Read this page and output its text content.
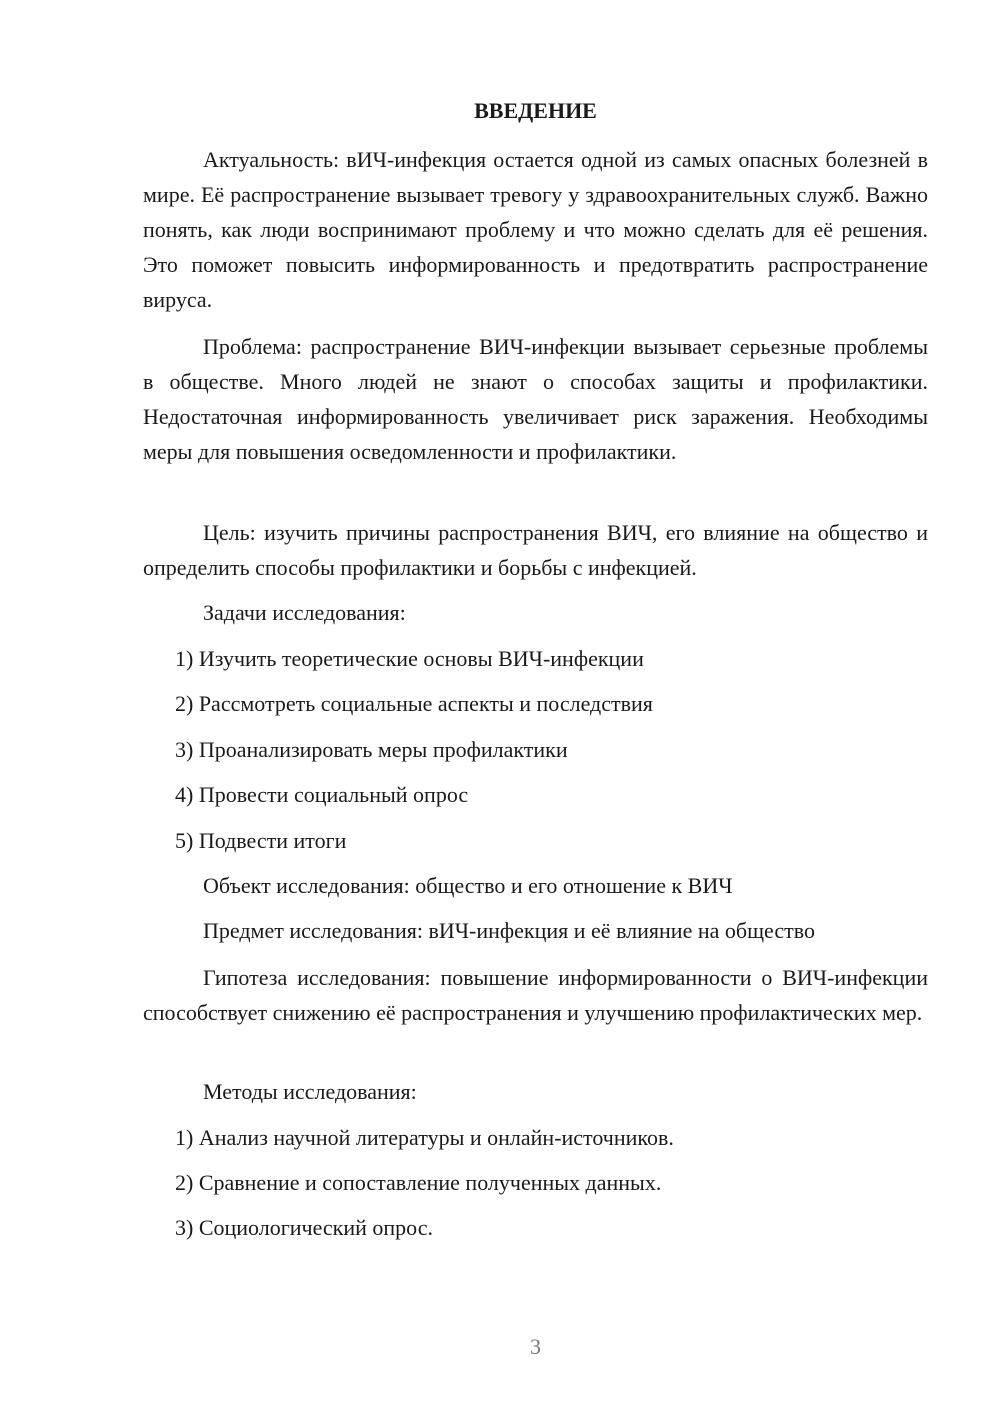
ВВЕДЕНИЕ
Актуальность: вИЧ-инфекция остается одной из самых опасных болезней в мире. Её распространение вызывает тревогу у здравоохранительных служб. Важно понять, как люди воспринимают проблему и что можно сделать для её решения. Это поможет повысить информированность и предотвратить распространение вируса.
Проблема: распространение ВИЧ-инфекции вызывает серьезные проблемы в обществе. Много людей не знают о способах защиты и профилактики. Недостаточная информированность увеличивает риск заражения. Необходимы меры для повышения осведомленности и профилактики.
Цель: изучить причины распространения ВИЧ, его влияние на общество и определить способы профилактики и борьбы с инфекцией.
Задачи исследования:
1) Изучить теоретические основы ВИЧ-инфекции
2) Рассмотреть социальные аспекты и последствия
3) Проанализировать меры профилактики
4) Провести социальный опрос
5) Подвести итоги
Объект исследования: общество и его отношение к ВИЧ
Предмет исследования: вИЧ-инфекция и её влияние на общество
Гипотеза исследования: повышение информированности о ВИЧ-инфекции способствует снижению её распространения и улучшению профилактических мер.
Методы исследования:
1) Анализ научной литературы и онлайн-источников.
2) Сравнение и сопоставление полученных данных.
3) Социологический опрос.
3
